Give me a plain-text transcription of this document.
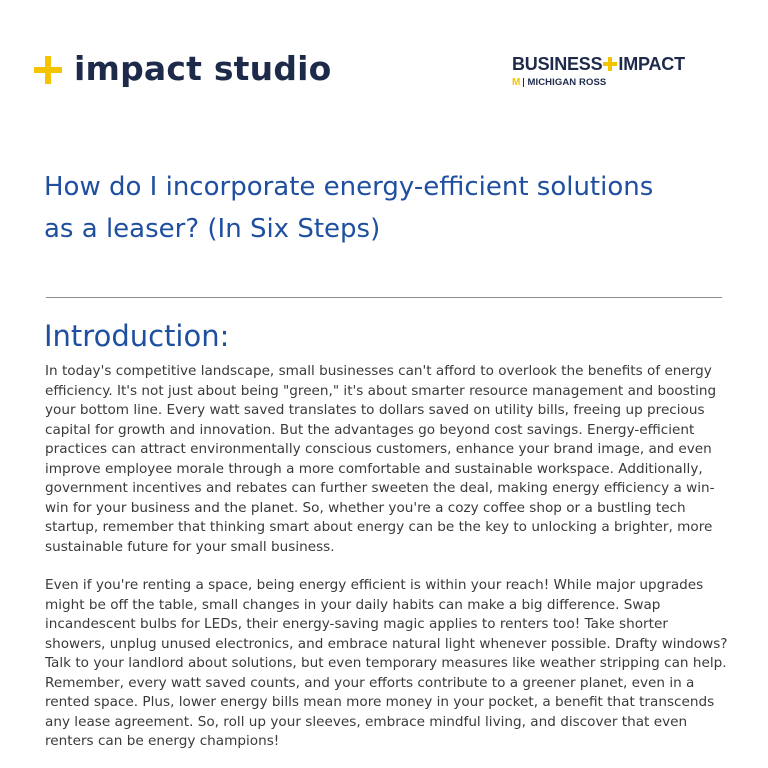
impact studio	BUSINESS IMPACT
M MICHIGAN ROSS
How do I incorporate energy-efficient solutions as a leaser? (In Six Steps)
Introduction:

In today's competitive landscape, small businesses can't afford to overlook the benefits of energy efficiency. It's not just about being "green," it's about smarter resource management and boosting your bottom line. Every watt saved translates to dollars saved on utility bills, freeing up precious capital for growth and innovation. But the advantages go beyond cost savings. Energy-efficient practices can attract environmentally conscious customers, enhance your brand image, and even improve employee morale through a more comfortable and sustainable workspace. Additionally, government incentives and rebates can further sweeten the deal, making energy efficiency a win-win for your business and the planet. So, whether you're a cozy coffee shop or a bustling tech startup, remember that thinking smart about energy can be the key to unlocking a brighter, more sustainable future for your small business.

Even if you're renting a space, being energy efficient is within your reach! While major upgrades might be off the table, small changes in your daily habits can make a big difference. Swap incandescent bulbs for LEDs, their energy-saving magic applies to renters too! Take shorter showers, unplug unused electronics, and embrace natural light whenever possible. Drafty windows? Talk to your landlord about solutions, but even temporary measures like weather stripping can help. Remember, every watt saved counts, and your efforts contribute to a greener planet, even in a rented space. Plus, lower energy bills mean more money in your pocket, a benefit that transcends any lease agreement. So, roll up your sleeves, embrace mindful living, and discover that even renters can be energy champions!
